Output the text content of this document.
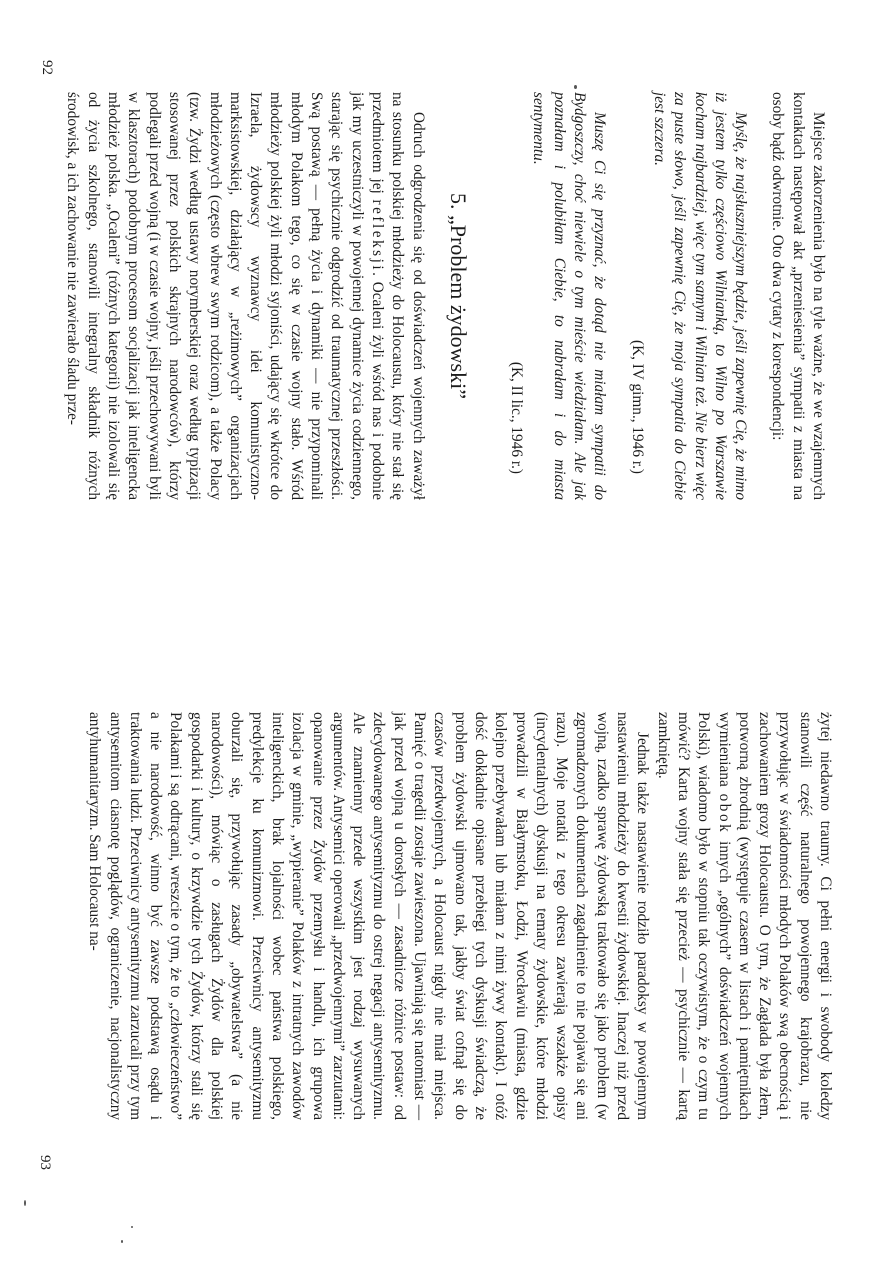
Miejsce zakorzenienia było na tyle ważne, że we wzajemnych kontaktach następował akt „przeniesienia” sympatii z miasta na osoby bądź odwrotnie. Oto dwa cytaty z korespondencji:

Myślę, że najsłuszniejszym będzie, jeśli zapewnię Cię, że mimo iż jestem tylko częściowo Wilnianką, to Wilno po Warszawie kocham najbardziej, więc tym samym i Wilnian też. Nie bierz więc za puste słowo, jeśli zapewnię Cię, że moja sympatia do Ciebie jest szczera.

(K, IV gimn., 1946 r.)

Muszę Ci się przyznać, że dotąd nie miałam sympatii do Bydgoszczy, choć niewiele o tym mieście wiedziałam. Ale jak poznałam i polubiłam Ciebie, to nabrałam i do miasta sentymentu.

(K, II lic., 1946 r.)

5. „Problem żydowski”

Odruch odgrodzenia się od doświadczeń wojennych zaważył na stosunku polskiej młodzieży do Holocaustu, który nie stał się przedmiotem jej refleksji. Ocaleni żyli wśród nas i podobnie jak my uczestniczyli w powojennej dynamice życia codziennego, starając się psychicznie odgrodzić od traumatycznej przeszłości. Swą postawą — pełną życia i dynamiki — nie przypominali młodym Polakom tego, co się w czasie wojny stało. Wśród młodzieży polskiej żyli młodzi syjoniści, udający się wkrótce do Izraela, żydowscy wyznawcy idei komunistyczno-marksistowskiej, działający w „reżimowych” organizacjach młodzieżowych (często wbrew swym rodzicom), a także Polacy (tzw. Żydzi według ustawy norymberskiej oraz według typizacji stosowanej przez polskich skrajnych narodowców), którzy podlegali przed wojną (i w czasie wojny, jeśli przechowywani byli w klasztorach) podobnym procesom socjalizacji jak inteligencka młodzież polska. „Ocaleni” (różnych kategorii) nie izolowali się od życia szkolnego, stanowili integralny składnik różnych środowisk, a ich zachowanie nie zawierało śladu prze-

92

żytej niedawno traumy. Ci pełni energii i swobody koledzy stanowili część naturalnego powojennego krajobrazu, nie przywołując w świadomości młodych Polaków swą obecnością i zachowaniem grozy Holocaustu. O tym, że Zagłada była złem, potworną zbrodnią (występuje czasem w listach i pamiętnikach wymieniana obok innych „ogólnych” doświadczeń wojennych Polski), wiadomo było w stopniu tak oczywistym, że o czym tu mówić? Karta wojny stała się przecież — psychicznie — kartą zamkniętą.

Jednak także nastawienie rodziło paradoksy w powojennym nastawieniu młodzieży do kwestii żydowskiej. Inaczej niż przed wojną, rzadko sprawę żydowską traktowało się jako problem (w zgromadzonych dokumentach zagadnienie to nie pojawia się ani razu). Moje notatki z tego okresu zawierają wszakże opisy (incydentalnych) dyskusji na tematy żydowskie, które młodzi prowadzili w Białymstoku, Łodzi, Wrocławiu (miasta, gdzie kolejno przebywałam lub miałam z nimi żywy kontakt). I otóż dość dokładnie opisane przebiegi tych dyskusji świadczą, że problem żydowski ujmowano tak, jakby świat cofnął się do czasów przedwojennych, a Holocaust nigdy nie miał miejsca. Pamięć o tragedii zostaje zawieszona. Ujawniają się natomiast — jak przed wojną u dorosłych — zasadnicze różnice postaw: od zdecydowanego antysemityzmu do ostrej negacji antysemityzmu. Ale znamienny przede wszystkim jest rodzaj wysuwanych argumentów. Antysemici operowali „przedwojennymi” zarzutami: opanowanie przez Żydów przemysłu i handlu, ich grupowa izolacja w gminie, „wypieranie” Polaków z intratnych zawodów inteligenckich, brak lojalności wobec państwa polskiego, predylekcje ku komunizmowi. Przeciwnicy antysemityzmu oburzali się, przywołując zasady „obywatelstwa” (a nie narodowości), mówiąc o zasługach Żydów dla polskiej gospodarki i kultury, o krzywdzie tych Żydów, którzy stali się Polakami i są odtrącani, wreszcie o tym, że to „człowieczeństwo” a nie narodowość, winno być zawsze podstawą osądu i traktowania ludzi. Przeciwnicy antysemityzmu zarzucali przy tym antysemitom ciasnotę poglądów, ograniczenie, nacjonalistyczny antyhumanitaryzm. Sam Holocaust na-

93
